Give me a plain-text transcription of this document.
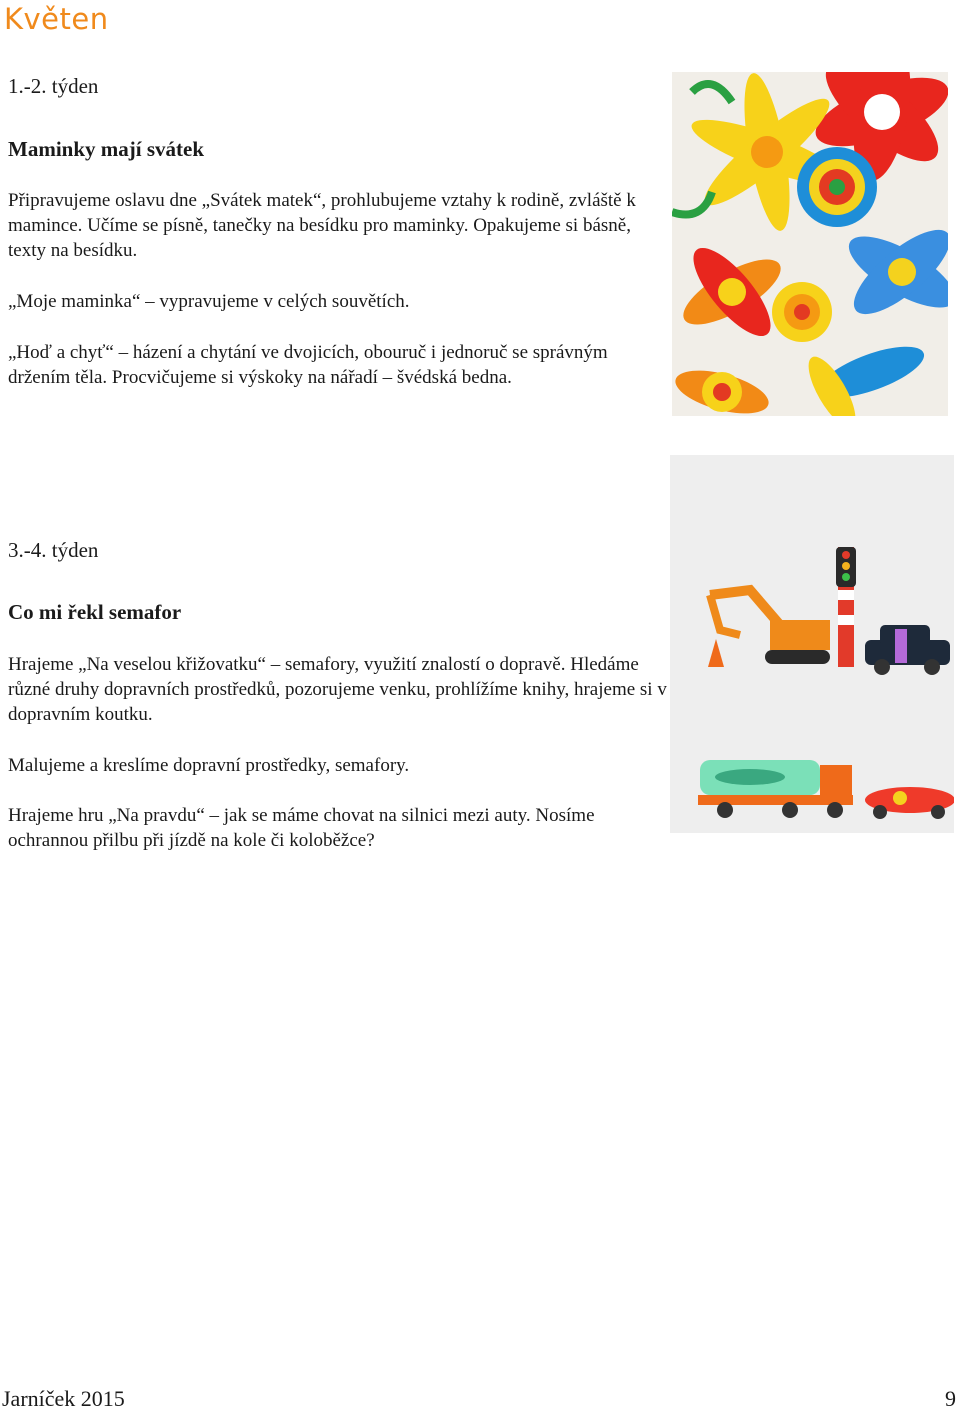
Květen
1.-2. týden
Maminky mají svátek

Připravujeme oslavu dne „Svátek matek“, prohlubujeme vztahy k rodině, zvláště k mamince. Učíme se písně, tanečky na besídku pro maminky. Opakujeme si básně, texty na besídku.

„Moje maminka“ – vypravujeme v celých souvětích.

„Hoď a chyť“ – házení a chytání ve dvojicích, obouruč i jednoruč se správným držením těla. Procvičujeme si výskoky na nářadí – švédská bedna.

3.-4. týden
Co mi řekl semafor

Hrajeme „Na veselou křižovatku“ – semafory, využití znalostí o dopravě. Hledáme různé druhy dopravních prostředků, pozorujeme venku, prohlížíme knihy, hrajeme si v dopravním koutku.

Malujeme a kreslíme dopravní prostředky, semafory.

Hrajeme hru „Na pravdu“ – jak se máme chovat na silnici mezi auty. Nosíme ochrannou přilbu při jízdě na kole či koloběžce?

Jarníček 2015	9
